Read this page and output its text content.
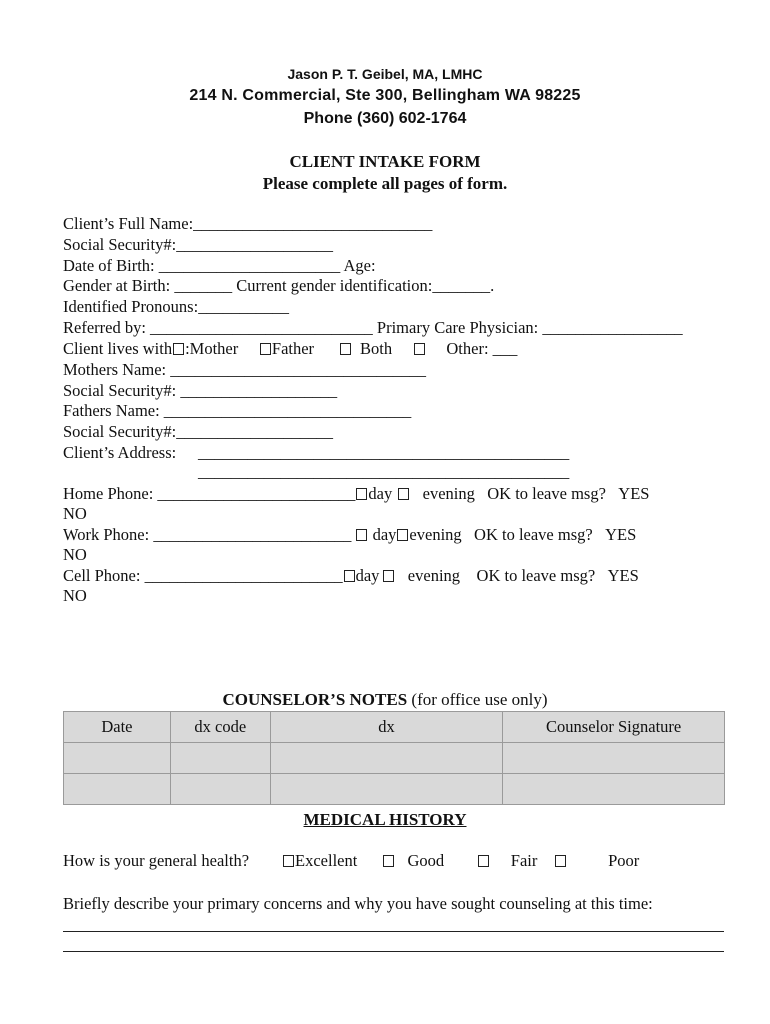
Jason P. T. Geibel, MA, LMHC
214 N. Commercial, Ste 300, Bellingham WA 98225
Phone (360) 602-1764
CLIENT INTAKE FORM
Please complete all pages of form.
Client’s Full Name:_____________________________
Social Security#:___________________
Date of Birth: ______________________ Age:
Gender at Birth: _______ Current gender identification:_______.
Identified Pronouns:___________
Referred by: ___________________________ Primary Care Physician: _________________
Client lives with :Mother Father	Both	Other: ___
Mothers Name: _______________________________
Social Security#: ___________________
Fathers Name: ______________________________
Social Security#:___________________
Client’s Address: _____________________________________________
_____________________________________________
Home Phone: ________________________ day evening OK to leave msg? YES
NO
Work Phone: ________________________ day evening OK to leave msg? YES
NO
Cell Phone: ________________________ day evening OK to leave msg? YES
NO
COUNSELOR’S NOTES (for office use only)
Date	dx code	dx	Counselor Signature

MEDICAL HISTORY
How is your general health?	Excellent	Good	Fair	Poor
Briefly describe your primary concerns and why you have sought counseling at this time:
